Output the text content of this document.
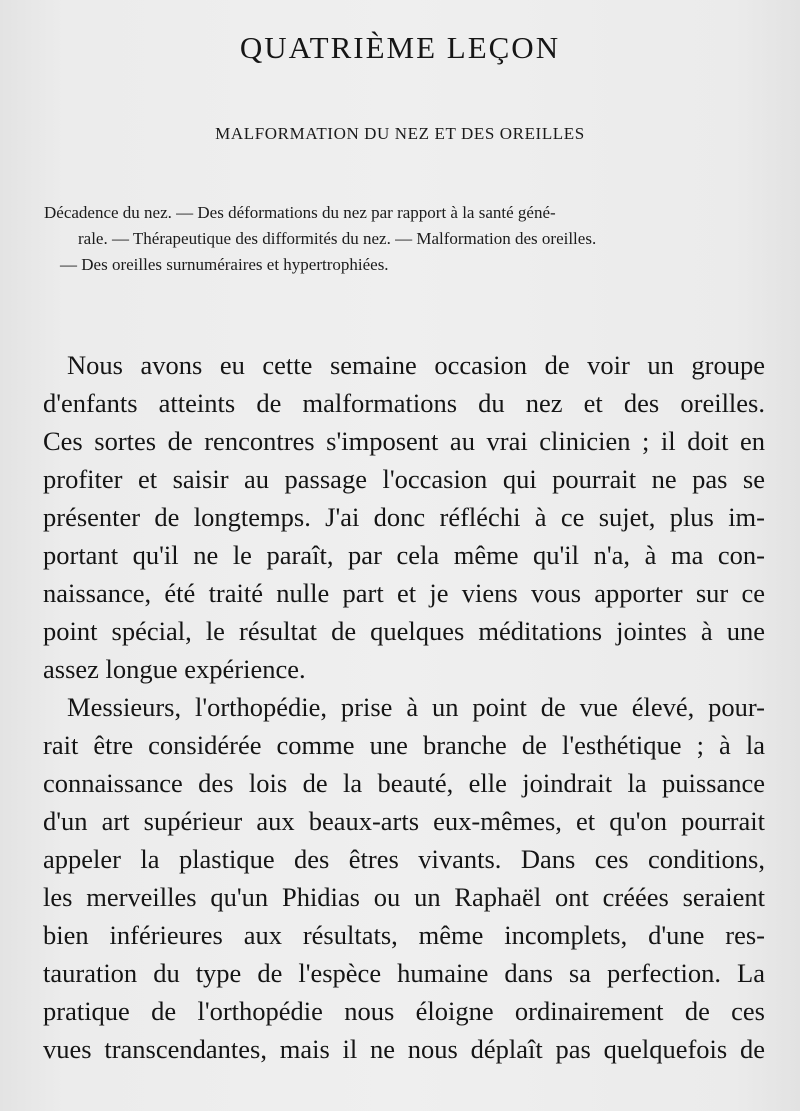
QUATRIÈME LEÇON
MALFORMATION DU NEZ ET DES OREILLES
Décadence du nez. — Des déformations du nez par rapport à la santé géné-
rale. — Thérapeutique des difformités du nez. — Malformation des oreilles.
— Des oreilles surnuméraires et hypertrophiées.
Nous avons eu cette semaine occasion de voir un groupe
d'enfants atteints de malformations du nez et des oreilles.
Ces sortes de rencontres s'imposent au vrai clinicien ; il doit en
profiter et saisir au passage l'occasion qui pourrait ne pas se
présenter de longtemps. J'ai donc réfléchi à ce sujet, plus im-
portant qu'il ne le paraît, par cela même qu'il n'a, à ma con-
naissance, été traité nulle part et je viens vous apporter sur ce
point spécial, le résultat de quelques méditations jointes à une
assez longue expérience.
Messieurs, l'orthopédie, prise à un point de vue élevé, pour-
rait être considérée comme une branche de l'esthétique ; à la
connaissance des lois de la beauté, elle joindrait la puissance
d'un art supérieur aux beaux-arts eux-mêmes, et qu'on pourrait
appeler la plastique des êtres vivants. Dans ces conditions,
les merveilles qu'un Phidias ou un Raphaël ont créées seraient
bien inférieures aux résultats, même incomplets, d'une res-
tauration du type de l'espèce humaine dans sa perfection. La
pratique de l'orthopédie nous éloigne ordinairement de ces
vues transcendantes, mais il ne nous déplaît pas quelquefois de
